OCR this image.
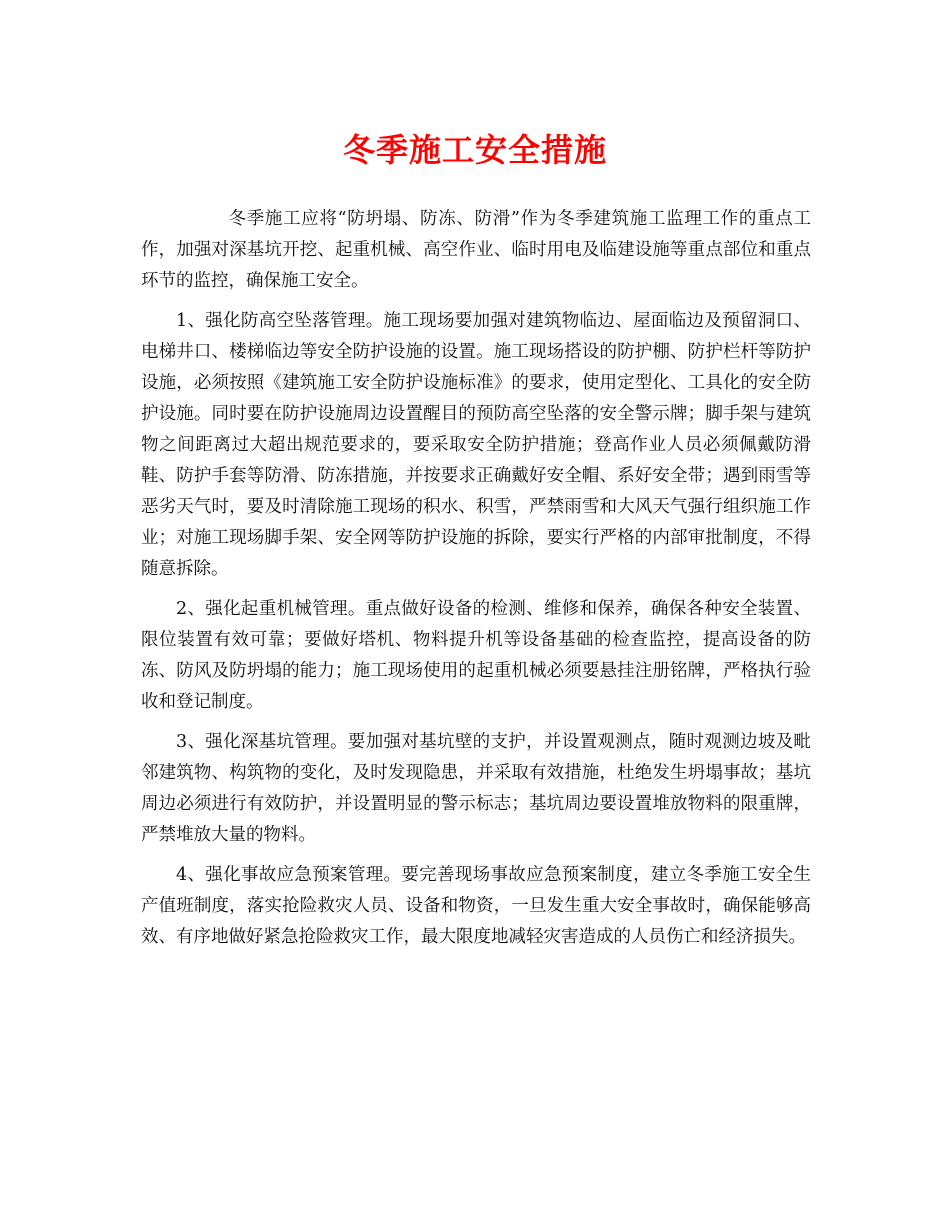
冬季施工安全措施

冬季施工应将“防坍塌、防冻、防滑”作为冬季建筑施工监理工作的重点工作，加强对深基坑开挖、起重机械、高空作业、临时用电及临建设施等重点部位和重点环节的监控，确保施工安全。

1、强化防高空坠落管理。施工现场要加强对建筑物临边、屋面临边及预留洞口、电梯井口、楼梯临边等安全防护设施的设置。施工现场搭设的防护棚、防护栏杆等防护设施，必须按照《建筑施工安全防护设施标准》的要求，使用定型化、工具化的安全防护设施。同时要在防护设施周边设置醒目的预防高空坠落的安全警示牌；脚手架与建筑物之间距离过大超出规范要求的，要采取安全防护措施；登高作业人员必须佩戴防滑鞋、防护手套等防滑、防冻措施，并按要求正确戴好安全帽、系好安全带；遇到雨雪等恶劣天气时，要及时清除施工现场的积水、积雪，严禁雨雪和大风天气强行组织施工作业；对施工现场脚手架、安全网等防护设施的拆除，要实行严格的内部审批制度，不得随意拆除。

2、强化起重机械管理。重点做好设备的检测、维修和保养，确保各种安全装置、限位装置有效可靠；要做好塔机、物料提升机等设备基础的检查监控，提高设备的防冻、防风及防坍塌的能力；施工现场使用的起重机械必须要悬挂注册铭牌，严格执行验收和登记制度。

3、强化深基坑管理。要加强对基坑壁的支护，并设置观测点，随时观测边坡及毗邻建筑物、构筑物的变化，及时发现隐患，并采取有效措施，杜绝发生坍塌事故；基坑周边必须进行有效防护，并设置明显的警示标志；基坑周边要设置堆放物料的限重牌，严禁堆放大量的物料。

4、强化事故应急预案管理。要完善现场事故应急预案制度，建立冬季施工安全生产值班制度，落实抢险救灾人员、设备和物资，一旦发生重大安全事故时，确保能够高效、有序地做好紧急抢险救灾工作，最大限度地减轻灾害造成的人员伤亡和经济损失。
